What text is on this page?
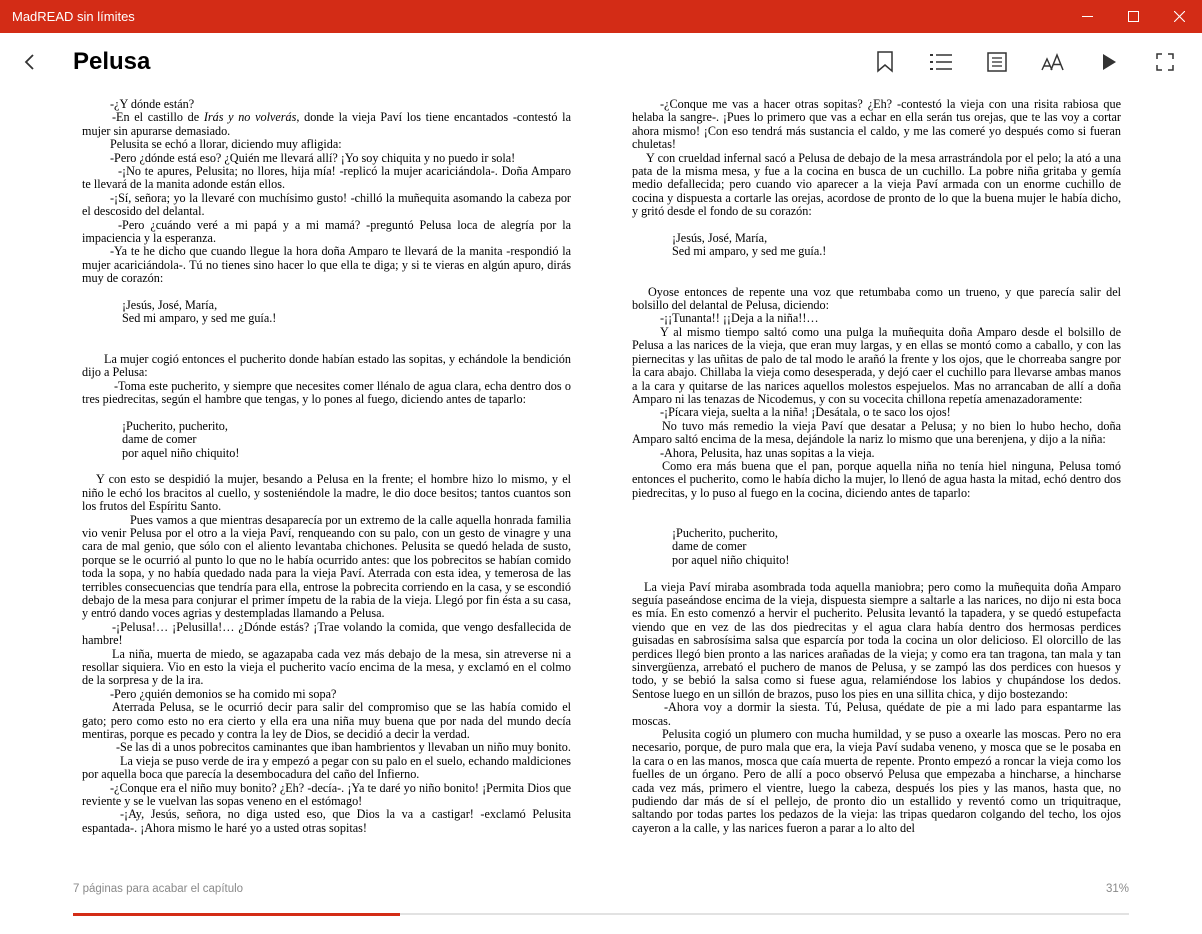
MadREAD sin límites
Pelusa

-¿Y dónde están?

-En el castillo de Irás y no volverás, donde la vieja Paví los tiene encantados -contestó la mujer sin apurarse demasiado.

Pelusita se echó a llorar, diciendo muy afligida:

-Pero ¿dónde está eso? ¿Quién me llevará allí? ¡Yo soy chiquita y no puedo ir sola!

-¡No te apures, Pelusita; no llores, hija mía! -replicó la mujer acariciándola-. Doña Amparo te llevará de la manita adonde están ellos.

-¡Sí, señora; yo la llevaré con muchísimo gusto! -chilló la muñequita asomando la cabeza por el descosido del delantal.

-Pero ¿cuándo veré a mi papá y a mi mamá? -preguntó Pelusa loca de alegría por la impaciencia y la esperanza.

-Ya te he dicho que cuando llegue la hora doña Amparo te llevará de la manita -respondió la mujer acariciándola-. Tú no tienes sino hacer lo que ella te diga; y si te vieras en algún apuro, dirás muy de corazón:

¡Jesús, José, María,
Sed mi amparo, y sed me guía.!

La mujer cogió entonces el pucherito donde habían estado las sopitas, y echándole la bendición dijo a Pelusa:

-Toma este pucherito, y siempre que necesites comer llénalo de agua clara, echa dentro dos o tres piedrecitas, según el hambre que tengas, y lo pones al fuego, diciendo antes de taparlo:

¡Pucherito, pucherito,
dame de comer
por aquel niño chiquito!

Y con esto se despidió la mujer, besando a Pelusa en la frente; el hombre hizo lo mismo, y el niño le echó los bracitos al cuello, y sosteniéndole la madre, le dio doce besitos; tantos cuantos son los frutos del Espíritu Santo.

Pues vamos a que mientras desaparecía por un extremo de la calle aquella honrada familia vio venir Pelusa por el otro a la vieja Paví, renqueando con su palo, con un gesto de vinagre y una cara de mal genio, que sólo con el aliento levantaba chichones. Pelusita se quedó helada de susto, porque se le ocurrió al punto lo que no le había ocurrido antes: que los pobrecitos se habían comido toda la sopa, y no había quedado nada para la vieja Paví. Aterrada con esta idea, y temerosa de las terribles consecuencias que tendría para ella, entrose la pobrecita corriendo en la casa, y se escondió debajo de la mesa para conjurar el primer ímpetu de la rabia de la vieja. Llegó por fin ésta a su casa, y entró dando voces agrias y destempladas llamando a Pelusa.

-¡Pelusa!… ¡Pelusilla!… ¿Dónde estás? ¡Trae volando la comida, que vengo desfallecida de hambre!

La niña, muerta de miedo, se agazapaba cada vez más debajo de la mesa, sin atreverse ni a resollar siquiera. Vio en esto la vieja el pucherito vacío encima de la mesa, y exclamó en el colmo de la sorpresa y de la ira.

-Pero ¿quién demonios se ha comido mi sopa?

Aterrada Pelusa, se le ocurrió decir para salir del compromiso que se las había comido el gato; pero como esto no era cierto y ella era una niña muy buena que por nada del mundo decía mentiras, porque es pecado y contra la ley de Dios, se decidió a decir la verdad.

-Se las di a unos pobrecitos caminantes que iban hambrientos y llevaban un niño muy bonito.

La vieja se puso verde de ira y empezó a pegar con su palo en el suelo, echando maldiciones por aquella boca que parecía la desembocadura del caño del Infierno.

-¿Conque era el niño muy bonito? ¿Eh? -decía-. ¡Ya te daré yo niño bonito! ¡Permita Dios que reviente y se le vuelvan las sopas veneno en el estómago!

-¡Ay, Jesús, señora, no diga usted eso, que Dios la va a castigar! -exclamó Pelusita espantada-. ¡Ahora mismo le haré yo a usted otras sopitas!

-¿Conque me vas a hacer otras sopitas? ¿Eh? -contestó la vieja con una risita rabiosa que helaba la sangre-. ¡Pues lo primero que vas a echar en ella serán tus orejas, que te las voy a cortar ahora mismo! ¡Con eso tendrá más sustancia el caldo, y me las comeré yo después como si fueran chuletas!

Y con crueldad infernal sacó a Pelusa de debajo de la mesa arrastrándola por el pelo; la ató a una pata de la misma mesa, y fue a la cocina en busca de un cuchillo. La pobre niña gritaba y gemía medio defallecida; pero cuando vio aparecer a la vieja Paví armada con un enorme cuchillo de cocina y dispuesta a cortarle las orejas, acordose de pronto de lo que la buena mujer le había dicho, y gritó desde el fondo de su corazón:

¡Jesús, José, María,
Sed mi amparo, y sed me guía.!

Oyose entonces de repente una voz que retumbaba como un trueno, y que parecía salir del bolsillo del delantal de Pelusa, diciendo:

-¡¡Tunanta!! ¡¡Deja a la niña!!…

Y al mismo tiempo saltó como una pulga la muñequita doña Amparo desde el bolsillo de Pelusa a las narices de la vieja, que eran muy largas, y en ellas se montó como a caballo, y con las piernecitas y las uñitas de palo de tal modo le arañó la frente y los ojos, que le chorreaba sangre por la cara abajo. Chillaba la vieja como desesperada, y dejó caer el cuchillo para llevarse ambas manos a la cara y quitarse de las narices aquellos molestos espejuelos. Mas no arrancaban de allí a doña Amparo ni las tenazas de Nicodemus, y con su vocecita chillona repetía amenazadoramente:

-¡Pícara vieja, suelta a la niña! ¡Desátala, o te saco los ojos!

No tuvo más remedio la vieja Paví que desatar a Pelusa; y no bien lo hubo hecho, doña Amparo saltó encima de la mesa, dejándole la nariz lo mismo que una berenjena, y dijo a la niña:

-Ahora, Pelusita, haz unas sopitas a la vieja.

Como era más buena que el pan, porque aquella niña no tenía hiel ninguna, Pelusa tomó entonces el pucherito, como le había dicho la mujer, lo llenó de agua hasta la mitad, echó dentro dos piedrecitas, y lo puso al fuego en la cocina, diciendo antes de taparlo:

¡Pucherito, pucherito,
dame de comer
por aquel niño chiquito!

La vieja Paví miraba asombrada toda aquella maniobra; pero como la muñequita doña Amparo seguía paseándose encima de la vieja, dispuesta siempre a saltarle a las narices, no dijo ni esta boca es mía. En esto comenzó a hervir el pucherito. Pelusita levantó la tapadera, y se quedó estupefacta viendo que en vez de las dos piedrecitas y el agua clara había dentro dos hermosas perdices guisadas en sabrosísima salsa que esparcía por toda la cocina un olor delicioso. El olorcillo de las perdices llegó bien pronto a las narices arañadas de la vieja; y como era tan tragona, tan mala y tan sinvergüenza, arrebató el puchero de manos de Pelusa, y se zampó las dos perdices con huesos y todo, y se bebió la salsa como si fuese agua, relamiéndose los labios y chupándose los dedos. Sentose luego en un sillón de brazos, puso los pies en una sillita chica, y dijo bostezando:

-Ahora voy a dormir la siesta. Tú, Pelusa, quédate de pie a mi lado para espantarme las moscas.

Pelusita cogió un plumero con mucha humildad, y se puso a oxearle las moscas. Pero no era necesario, porque, de puro mala que era, la vieja Paví sudaba veneno, y mosca que se le posaba en la cara o en las manos, mosca que caía muerta de repente. Pronto empezó a roncar la vieja como los fuelles de un órgano. Pero de allí a poco observó Pelusa que empezaba a hincharse, a hincharse cada vez más, primero el vientre, luego la cabeza, después los pies y las manos, hasta que, no pudiendo dar más de sí el pellejo, de pronto dio un estallido y reventó como un triquitraque, saltando por todas partes los pedazos de la vieja: las tripas quedaron colgando del techo, los ojos cayeron a la calle, y las narices fueron a parar a lo alto del

7 páginas para acabar el capítulo	31%
